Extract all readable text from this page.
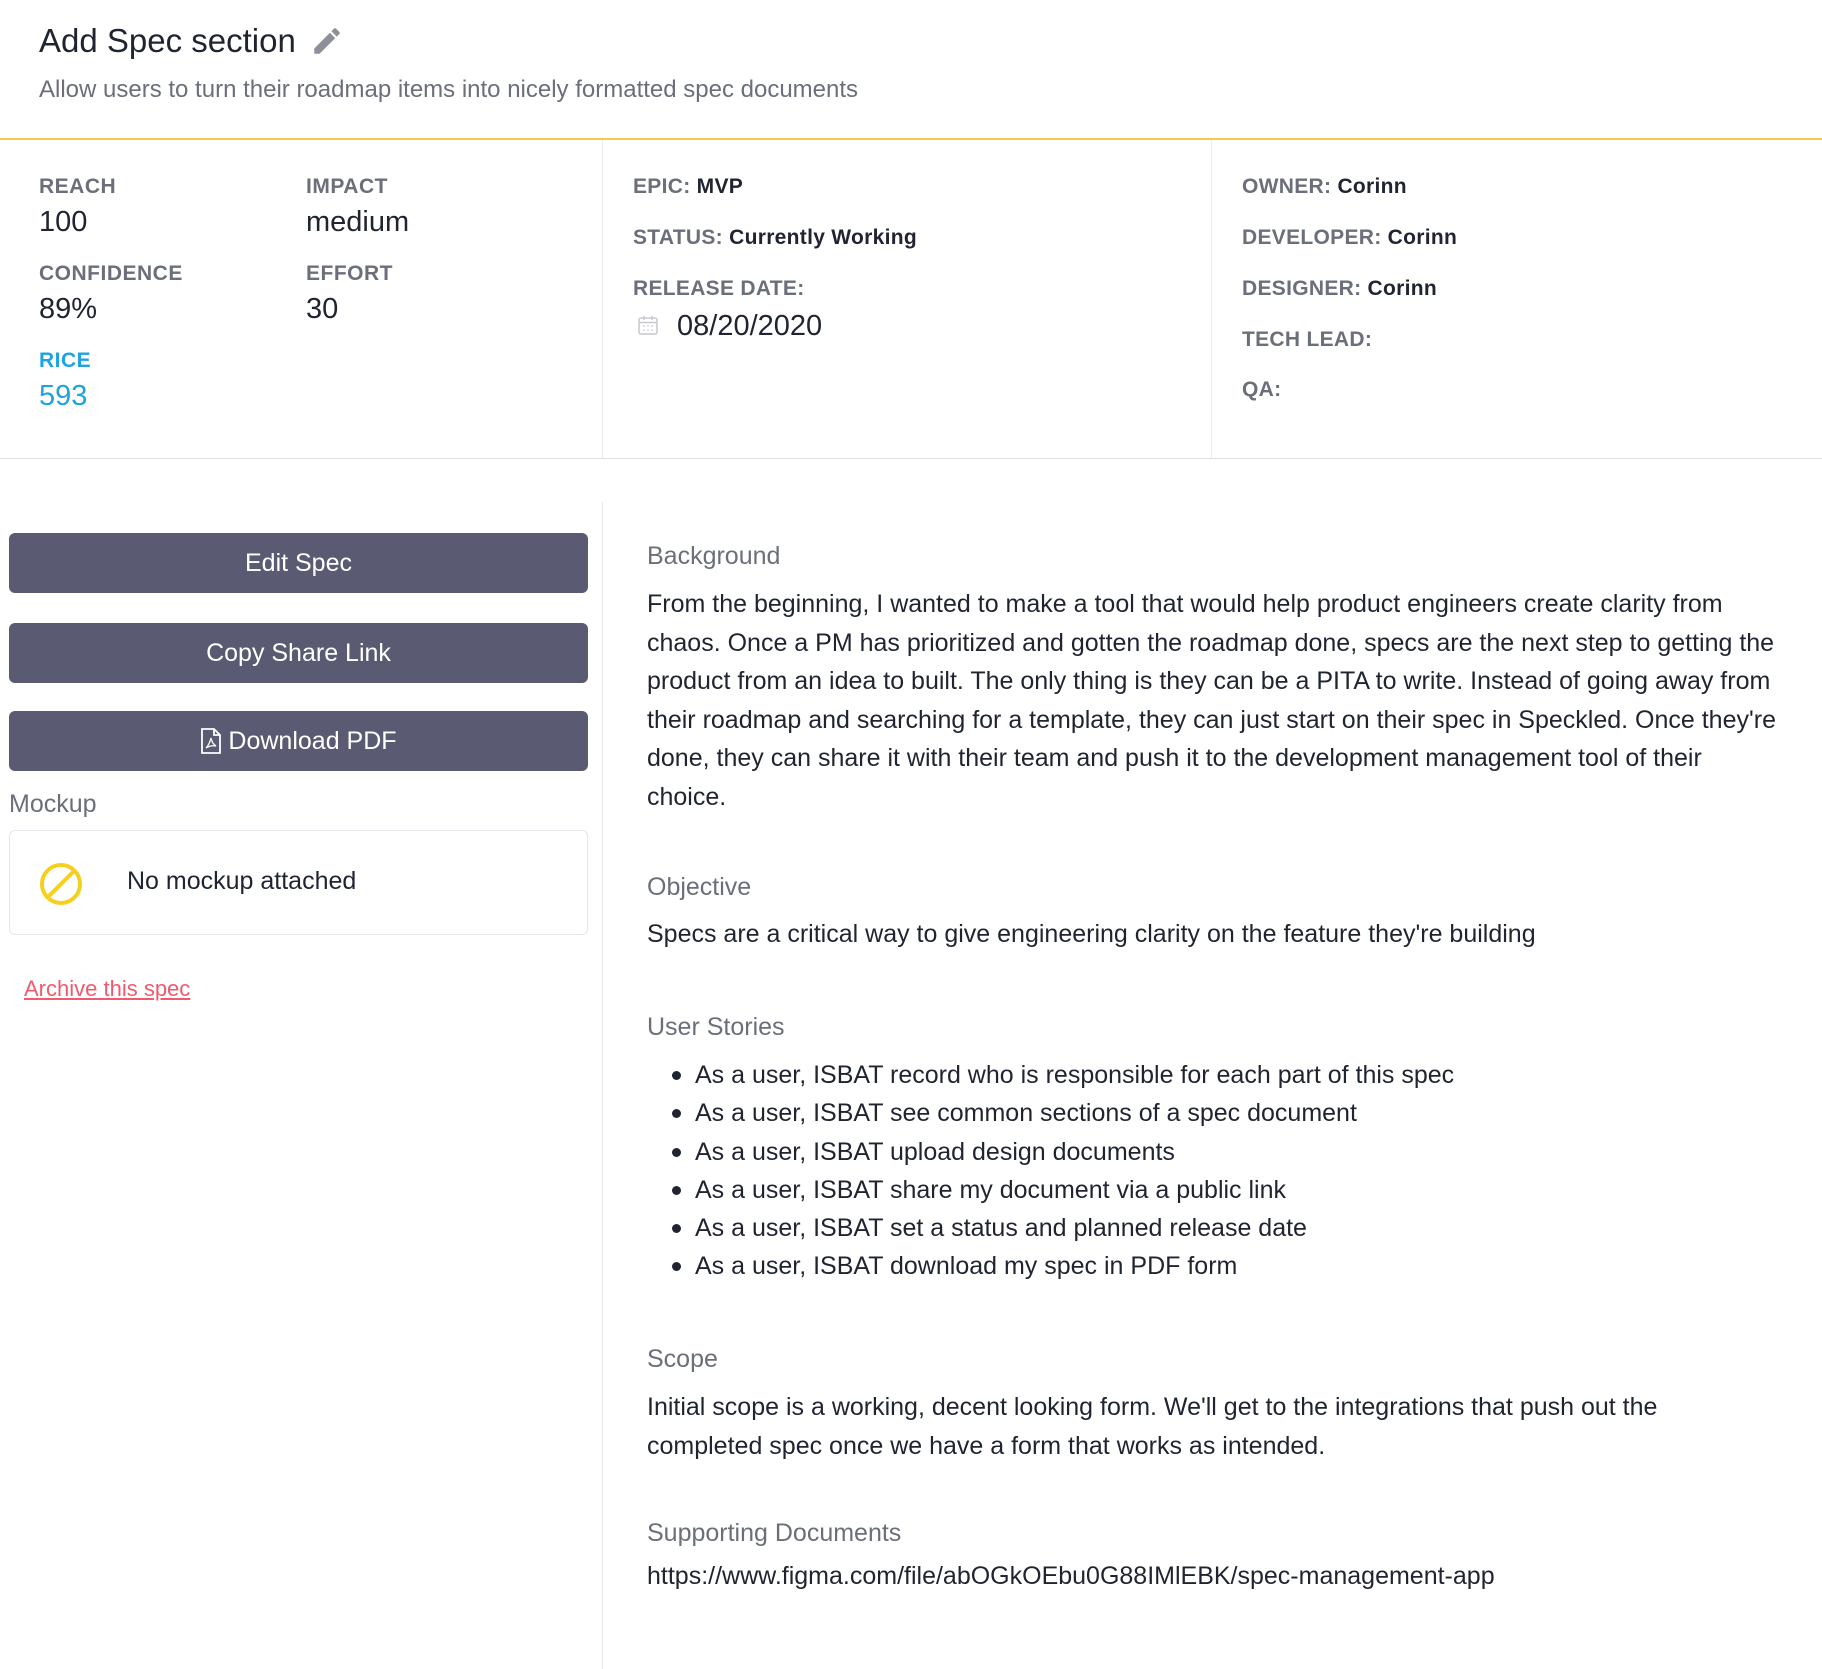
Add Spec section
Allow users to turn their roadmap items into nicely formatted spec documents
REACH
100
IMPACT
medium
CONFIDENCE
89%
EFFORT
30
RICE
593
EPIC: MVP
STATUS: Currently Working
RELEASE DATE:
08/20/2020
OWNER: Corinn
DEVELOPER: Corinn
DESIGNER: Corinn
TECH LEAD:
QA:
Edit Spec
Copy Share Link
Download PDF
Mockup
No mockup attached
Archive this spec
Background
From the beginning, I wanted to make a tool that would help product engineers create clarity from chaos. Once a PM has prioritized and gotten the roadmap done, specs are the next step to getting the product from an idea to built. The only thing is they can be a PITA to write. Instead of going away from their roadmap and searching for a template, they can just start on their spec in Speckled. Once they're done, they can share it with their team and push it to the development management tool of their choice.
Objective
Specs are a critical way to give engineering clarity on the feature they're building
User Stories
As a user, ISBAT record who is responsible for each part of this spec
As a user, ISBAT see common sections of a spec document
As a user, ISBAT upload design documents
As a user, ISBAT share my document via a public link
As a user, ISBAT set a status and planned release date
As a user, ISBAT download my spec in PDF form
Scope
Initial scope is a working, decent looking form. We'll get to the integrations that push out the completed spec once we have a form that works as intended.
Supporting Documents
https://www.figma.com/file/abOGkOEbu0G88IMlEBK/spec-management-app
